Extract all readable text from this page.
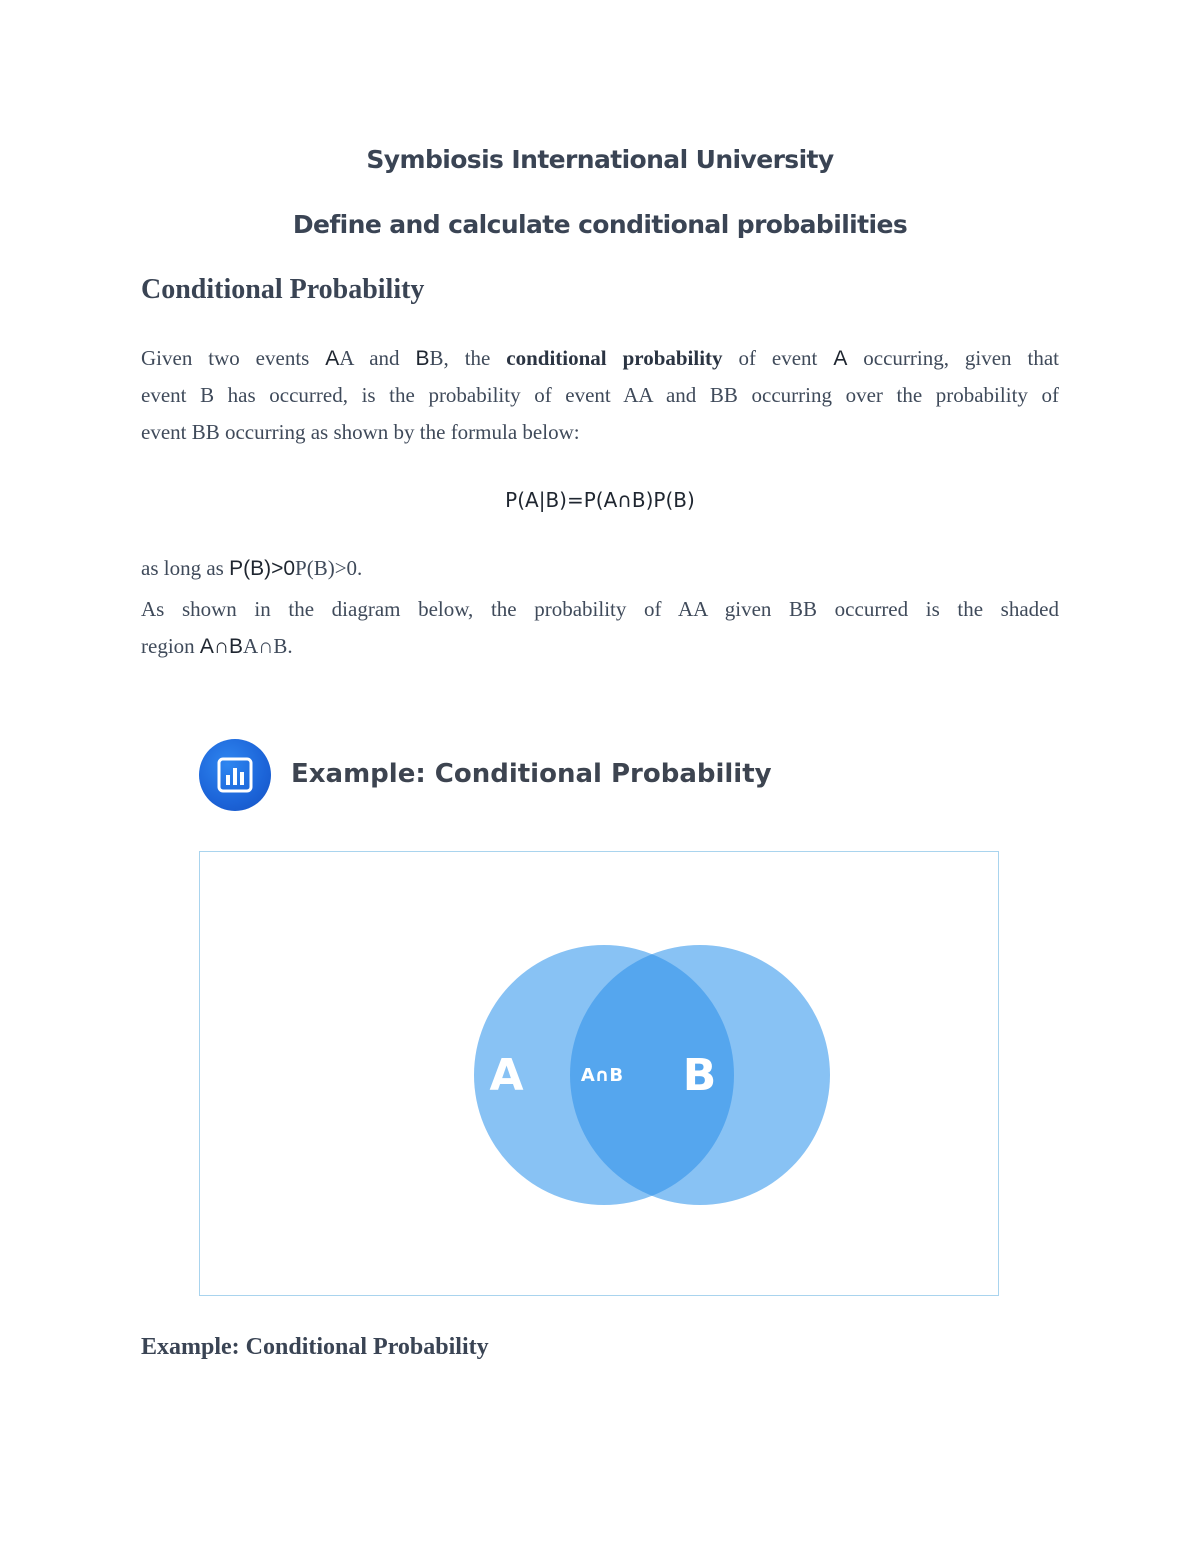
Symbiosis International University
Define and calculate conditional probabilities
Conditional Probability
Given two events AA and BB, the conditional probability of event A occurring, given that
event B has occurred, is the probability of event AA and BB occurring over the probability of
event BB occurring as shown by the formula below:
P(A|B)=P(A∩B)P(B)
as long as P(B)>0P(B)>0.
As shown in the diagram below, the probability of AA given BB occurred is the shaded
region A∩BA∩B.
Example: Conditional Probability
A	A∩B	B
Example: Conditional Probability
